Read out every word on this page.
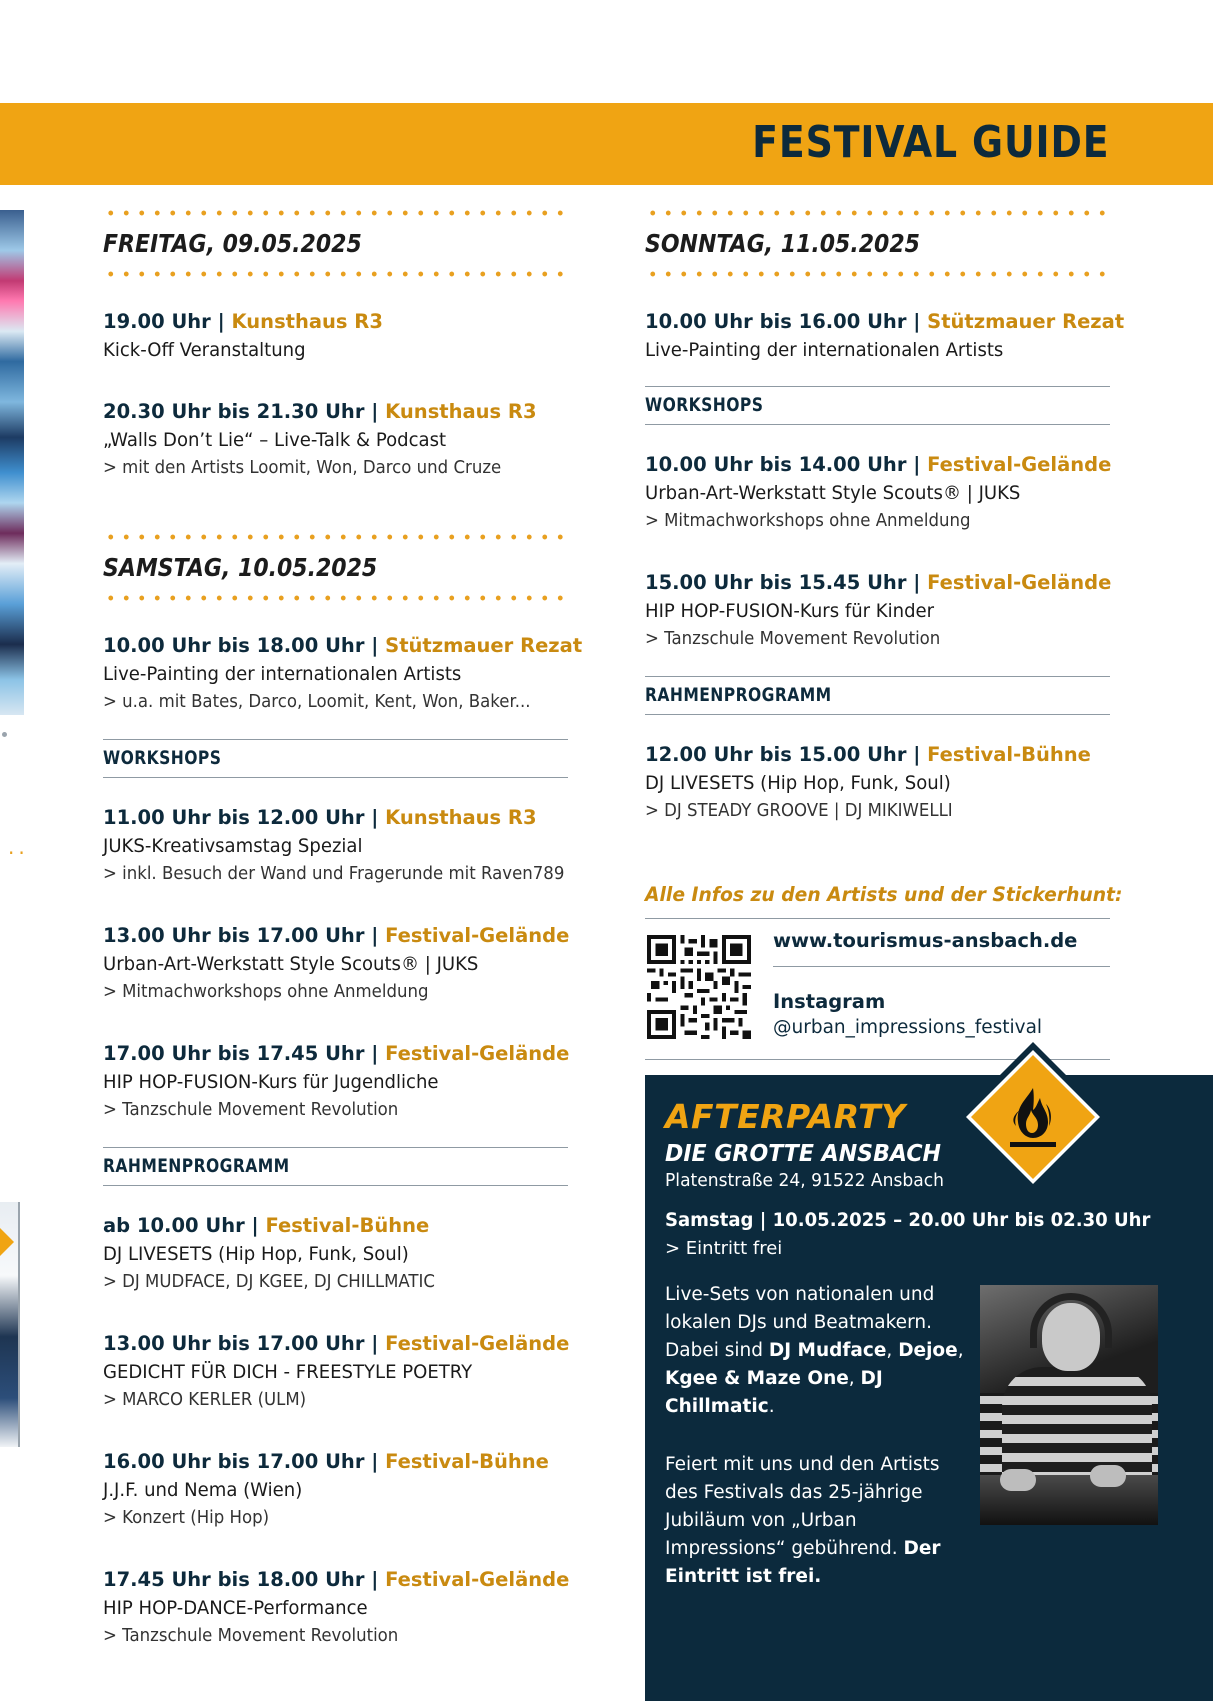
··
FESTIVAL GUIDE
FREITAG, 09.05.2025
19.00 Uhr | Kunsthaus R3
Kick-Off Veranstaltung
20.30 Uhr bis 21.30 Uhr | Kunsthaus R3
„Walls Don’t Lie“ – Live-Talk & Podcast
> mit den Artists Loomit, Won, Darco und Cruze
SAMSTAG, 10.05.2025
10.00 Uhr bis 18.00 Uhr | Stützmauer Rezat
Live-Painting der internationalen Artists
> u.a. mit Bates, Darco, Loomit, Kent, Won, Baker...
WORKSHOPS
11.00 Uhr bis 12.00 Uhr | Kunsthaus R3
JUKS-Kreativsamstag Spezial
> inkl. Besuch der Wand und Fragerunde mit Raven789
13.00 Uhr bis 17.00 Uhr | Festival-Gelände
Urban-Art-Werkstatt Style Scouts® | JUKS
> Mitmachworkshops ohne Anmeldung
17.00 Uhr bis 17.45 Uhr | Festival-Gelände
HIP HOP-FUSION-Kurs für Jugendliche
> Tanzschule Movement Revolution
RAHMENPROGRAMM
ab 10.00 Uhr | Festival-Bühne
DJ LIVESETS (Hip Hop, Funk, Soul)
> DJ MUDFACE, DJ KGEE, DJ CHILLMATIC
13.00 Uhr bis 17.00 Uhr | Festival-Gelände
GEDICHT FÜR DICH - FREESTYLE POETRY
> MARCO KERLER (ULM)
16.00 Uhr bis 17.00 Uhr | Festival-Bühne
J.J.F. und Nema (Wien)
> Konzert (Hip Hop)
17.45 Uhr bis 18.00 Uhr | Festival-Gelände
HIP HOP-DANCE-Performance
> Tanzschule Movement Revolution
SONNTAG, 11.05.2025
10.00 Uhr bis 16.00 Uhr | Stützmauer Rezat
Live-Painting der internationalen Artists
WORKSHOPS
10.00 Uhr bis 14.00 Uhr | Festival-Gelände
Urban-Art-Werkstatt Style Scouts® | JUKS
> Mitmachworkshops ohne Anmeldung
15.00 Uhr bis 15.45 Uhr | Festival-Gelände
HIP HOP-FUSION-Kurs für Kinder
> Tanzschule Movement Revolution
RAHMENPROGRAMM
12.00 Uhr bis 15.00 Uhr | Festival-Bühne
DJ LIVESETS (Hip Hop, Funk, Soul)
> DJ STEADY GROOVE | DJ MIKIWELLI
Alle Infos zu den Artists und der Stickerhunt:
www.tourismus-ansbach.de
Instagram
@urban_impressions_festival
AFTERPARTY
DIE GROTTE ANSBACH
Platenstraße 24, 91522 Ansbach
Samstag | 10.05.2025 – 20.00 Uhr bis 02.30 Uhr
> Eintritt frei
Live-Sets von nationalen und lokalen DJs und Beatmakern. Dabei sind DJ Mudface, Dejoe, Kgee & Maze One, DJ Chillmatic.
Feiert mit uns und den Artists des Festivals das 25-jährige Jubiläum von „Urban Impressions“ gebührend. Der Eintritt ist frei.
